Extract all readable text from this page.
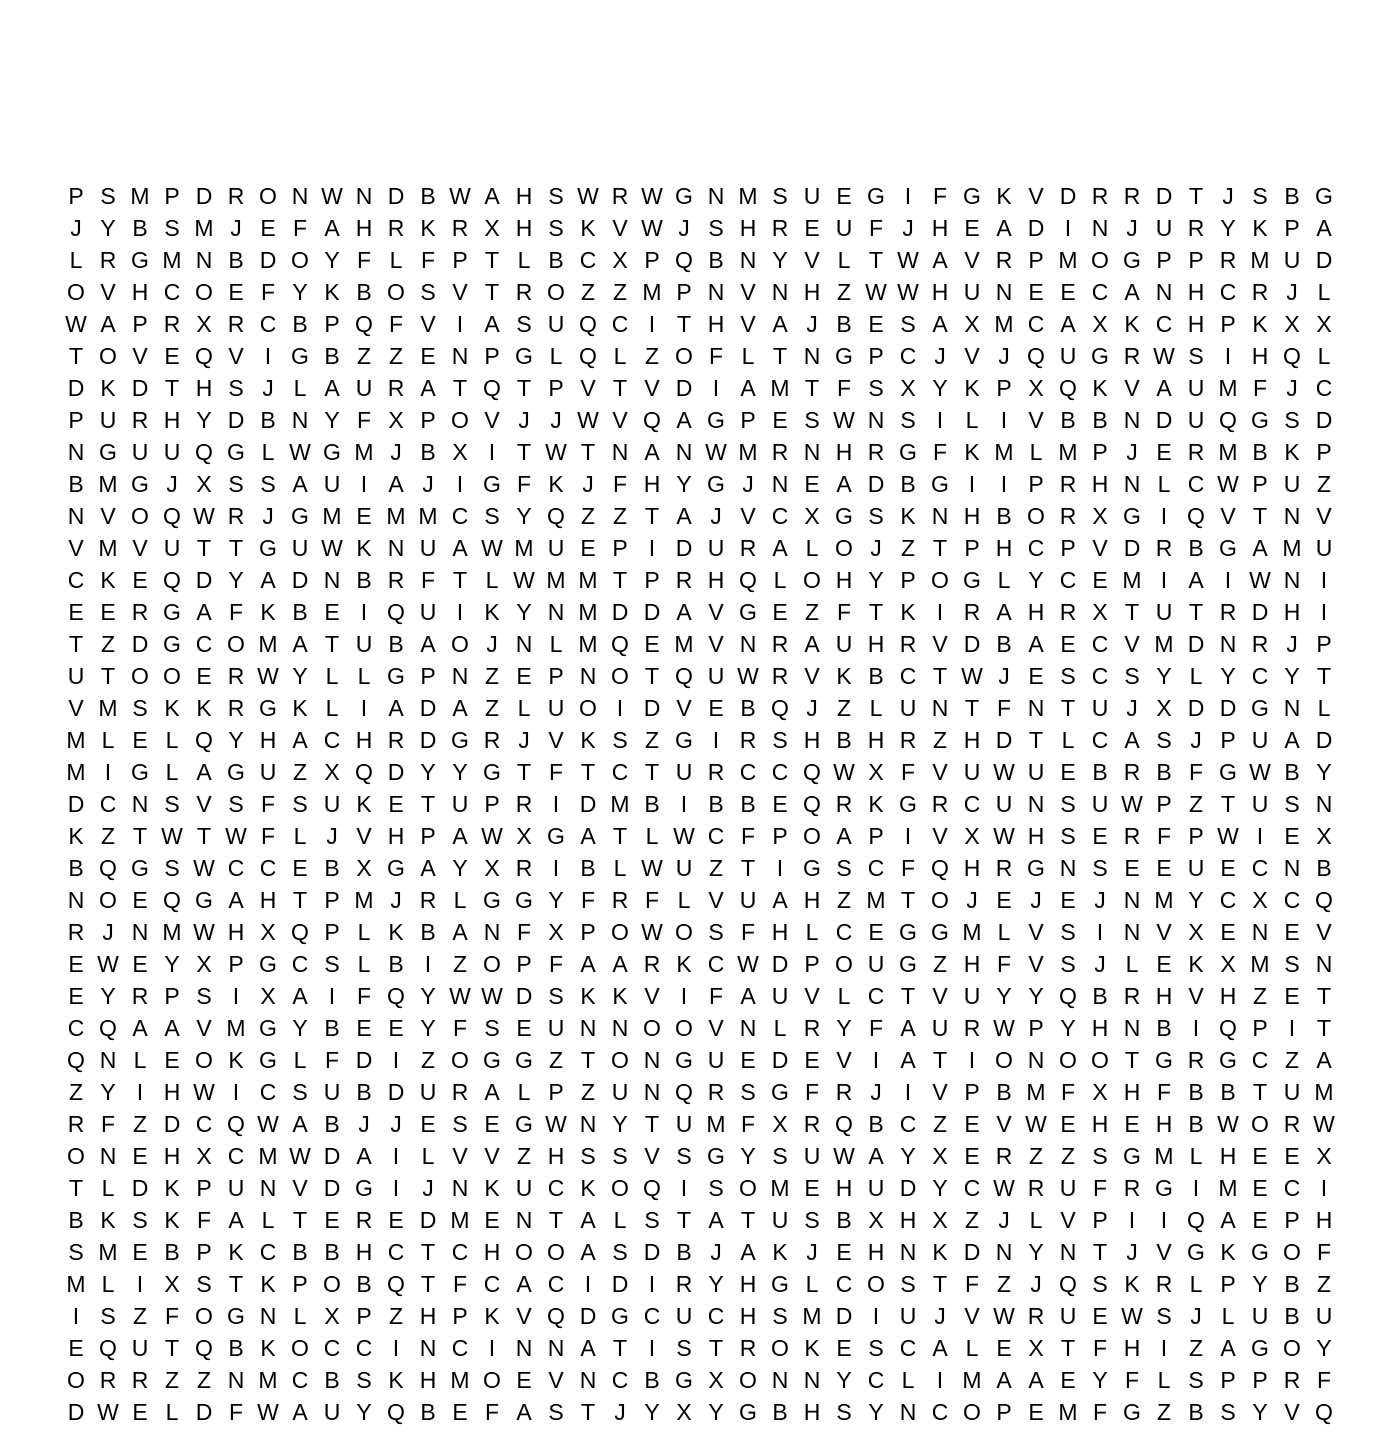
P S M P D R O N W N D B W A H S W R W G N M S U E G I F G K V D R R D T J S B G
J Y B S M J E F A H R K R X H S K V W J S H R E U F J H E A D I N J U R Y K P A
L R G M N B D O Y F L F P T L B C X P Q B N Y V L T W A V R P M O G P P R M U D
O V H C O E F Y K B O S V T R O Z Z M P N V N H Z W W H U N E E C A N H C R J L
W A P R X R C B P Q F V I A S U Q C I T H V A J B E S A X M C A X K C H P K X X
T O V E Q V I G B Z Z E N P G L Q L Z O F L T N G P C J V J Q U G R W S I H Q L
D K D T H S J L A U R A T Q T P V T V D I A M T F S X Y K P X Q K V A U M F J C
P U R H Y D B N Y F X P O V J J W V Q A G P E S W N S I L I V B B N D U Q G S D
N G U U Q G L W G M J B X I T W T N A N W M R N H R G F K M L M P J E R M B K P
B M G J X S S A U I A J	I G F K J F H Y G J N E A D B G I	I P R H N L C W P U Z
N V O Q W R J G M E M M C S Y Q Z Z T A J V C X G S K N H B O R X G I Q V T N V
V M V U T T G U W K N U A W M U E P I D U R A L O J Z T P H C P V D R B G A M U
C K E Q D Y A D N B R F T L W M M T P R H Q L O H Y P O G L Y C E M I A I W N I
E E R G A F K B E I Q U I K Y N M D D A V G E Z F T K I R A H R X T U T R D H I
T Z D G C O M A T U B A O J N L M Q E M V N R A U H R V D B A E C V M D N R J P
U T O O E R W Y L L G P N Z E P N O T Q U W R V K B C T W J E S C S Y L Y C Y T
V M S K K R G K L I A D A Z L U O I D V E B Q J Z L U N T F N T U J X D D G N L
M L E L Q Y H A C H R D G R J V K S Z G I R S H B H R Z H D T L C A S J P U A D
M I G L A G U Z X Q D Y Y G T F T C T U R C C Q W X F V U W U E B R B F G W B Y
D C N S V S F S U K E T U P R I D M B I B B E Q R K G R C U N S U W P Z T U S N
K Z T W T W F L J V H P A W X G A T L W C F P O A P I V X W H S E R F P W I E X
B Q G S W C C E B X G A Y X R I B L W U Z T I G S C F Q H R G N S E E U E C N B
N O E Q G A H T P M J R L G G Y F R F L V U A H Z M T O J E J E J N M Y C X C Q
R J N M W H X Q P L K B A N F X P O W O S F H L C E G G M L V S I N V X E N E V
E W E Y X P G C S L B I Z O P F A A R K C W D P O U G Z H F V S J L E K X M S N
E Y R P S I X A I F Q Y W W D S K K V I F A U V L C T V U Y Y Q B R H V H Z E T
C Q A A V M G Y B E E Y F S E U N N O O V N L R Y F A U R W P Y H N B I Q P I T
Q N L E O K G L F D I Z O G G Z T O N G U E D E V I A T I O N O O T G R G C Z A
Z Y I H W I C S U B D U R A L P Z U N Q R S G F R J	I V P B M F X H F B B T U M
R F Z D C Q W A B J J E S E G W N Y T U M F X R Q B C Z E V W E H E H B W O R W
O N E H X C M W D A I L V V Z H S S V S G Y S U W A Y X E R Z Z S G M L H E E X
T L D K P U N V D G I	J N K U C K O Q I S O M E H U D Y C W R U F R G I M E C I
B K S K F A L T E R E D M E N T A L S T A T U S B X H X Z J L V P I	I Q A E P H
S M E B P K C B B H C T C H O O A S D B J A K J E H N K D N Y N T J V G K G O F
M L I X S T K P O B Q T F C A C I D I R Y H G L C O S T F Z J Q S K R L P Y B Z
I S Z F O G N L X P Z H P K V Q D G C U C H S M D I U J V W R U E W S J L U B U
E Q U T Q B K O C C I N C I N N A T I S T R O K E S C A L E X T F H I Z A G O Y
O R R Z Z N M C B S K H M O E V N C B G X O N N Y C L I M A A E Y F L S P P R F
D W E L D F W A U Y Q B E F A S T J Y X Y G B H S Y N C O P E M F G Z B S Y V Q
